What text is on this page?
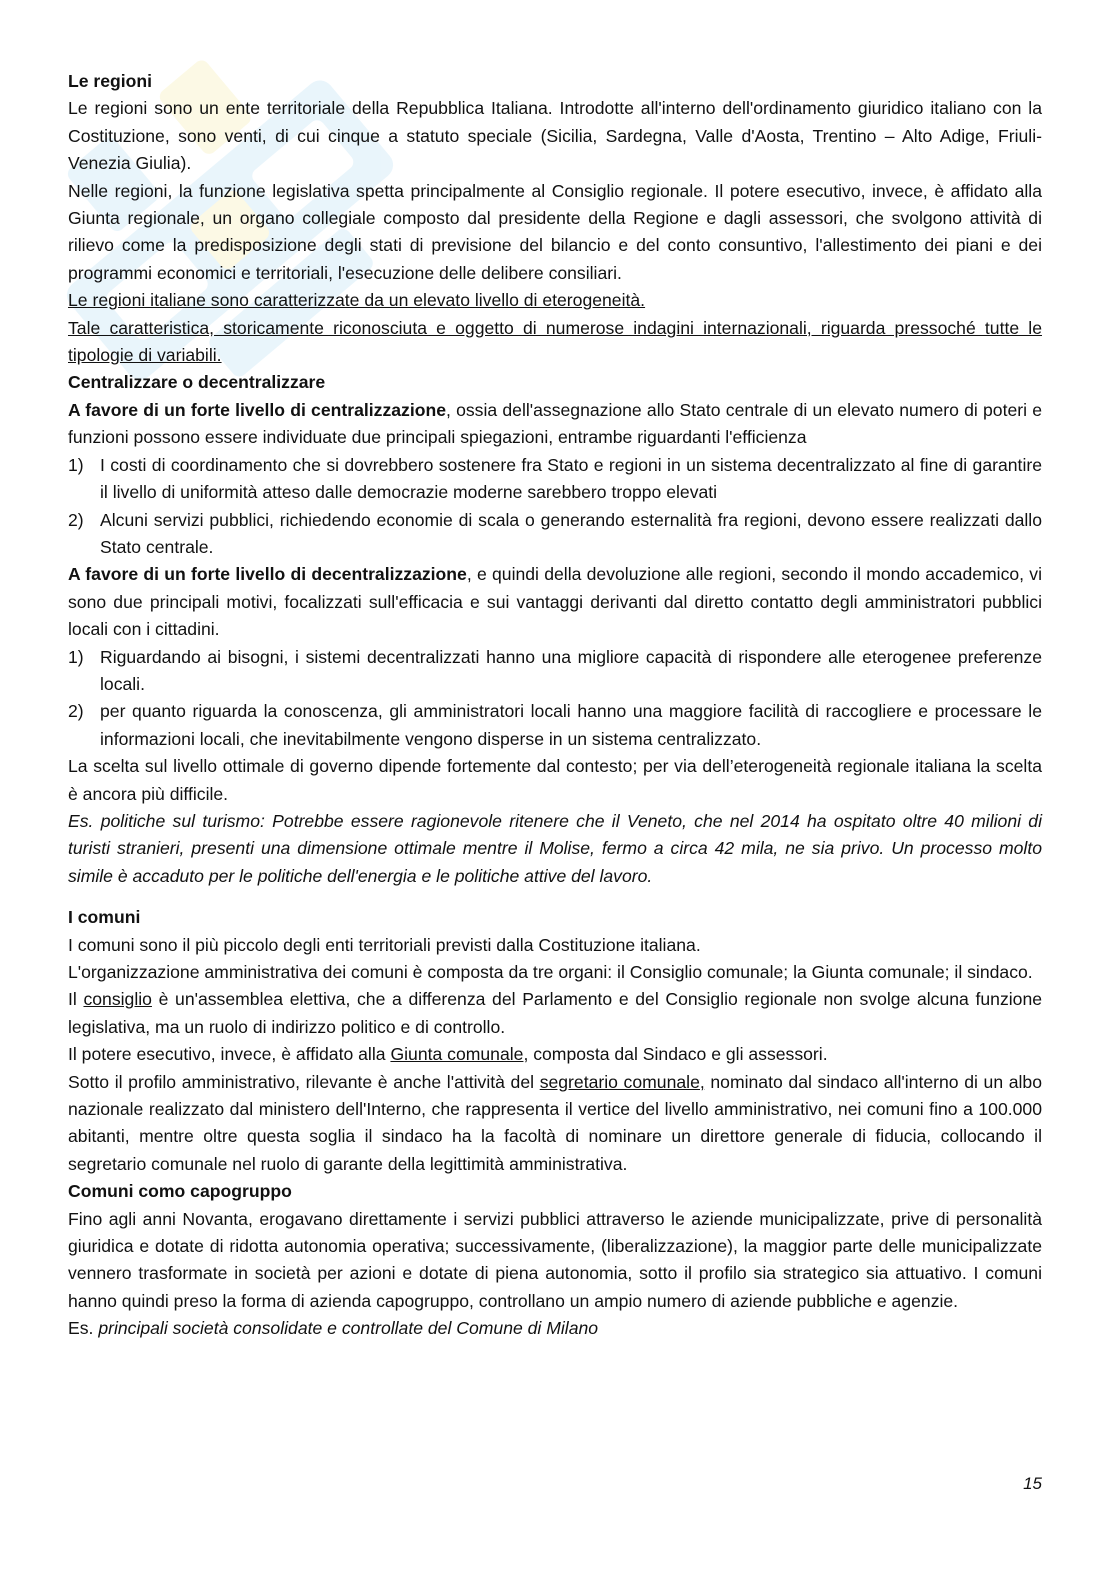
Le regioni

Le regioni sono un ente territoriale della Repubblica Italiana. Introdotte all'interno dell'ordinamento giuridico italiano con la Costituzione, sono venti, di cui cinque a statuto speciale (Sicilia, Sardegna, Valle d'Aosta, Trentino – Alto Adige, Friuli-Venezia Giulia).

Nelle regioni, la funzione legislativa spetta principalmente al Consiglio regionale. Il potere esecutivo, invece, è affidato alla Giunta regionale, un organo collegiale composto dal presidente della Regione e dagli assessori, che svolgono attività di rilievo come la predisposizione degli stati di previsione del bilancio e del conto consuntivo, l'allestimento dei piani e dei programmi economici e territoriali, l'esecuzione delle delibere consiliari.

Le regioni italiane sono caratterizzate da un elevato livello di eterogeneità.

Tale caratteristica, storicamente riconosciuta e oggetto di numerose indagini internazionali, riguarda pressoché tutte le tipologie di variabili.

Centralizzare o decentralizzare

A favore di un forte livello di centralizzazione, ossia dell'assegnazione allo Stato centrale di un elevato numero di poteri e funzioni possono essere individuate due principali spiegazioni, entrambe riguardanti l'efficienza

1) I costi di coordinamento che si dovrebbero sostenere fra Stato e regioni in un sistema decentralizzato al fine di garantire il livello di uniformità atteso dalle democrazie moderne sarebbero troppo elevati
2) Alcuni servizi pubblici, richiedendo economie di scala o generando esternalità fra regioni, devono essere realizzati dallo Stato centrale.

A favore di un forte livello di decentralizzazione, e quindi della devoluzione alle regioni, secondo il mondo accademico, vi sono due principali motivi, focalizzati sull'efficacia e sui vantaggi derivanti dal diretto contatto degli amministratori pubblici locali con i cittadini.

1) Riguardando ai bisogni, i sistemi decentralizzati hanno una migliore capacità di rispondere alle eterogenee preferenze locali.
2) per quanto riguarda la conoscenza, gli amministratori locali hanno una maggiore facilità di raccogliere e processare le informazioni locali, che inevitabilmente vengono disperse in un sistema centralizzato.

La scelta sul livello ottimale di governo dipende fortemente dal contesto; per via dell’eterogeneità regionale italiana la scelta è ancora più difficile.

Es. politiche sul turismo: Potrebbe essere ragionevole ritenere che il Veneto, che nel 2014 ha ospitato oltre 40 milioni di turisti stranieri, presenti una dimensione ottimale mentre il Molise, fermo a circa 42 mila, ne sia privo. Un processo molto simile è accaduto per le politiche dell'energia e le politiche attive del lavoro.

I comuni

I comuni sono il più piccolo degli enti territoriali previsti dalla Costituzione italiana.

L'organizzazione amministrativa dei comuni è composta da tre organi: il Consiglio comunale; la Giunta comunale; il sindaco.

Il consiglio è un'assemblea elettiva, che a differenza del Parlamento e del Consiglio regionale non svolge alcuna funzione legislativa, ma un ruolo di indirizzo politico e di controllo.

Il potere esecutivo, invece, è affidato alla Giunta comunale, composta dal Sindaco e gli assessori.

Sotto il profilo amministrativo, rilevante è anche l'attività del segretario comunale, nominato dal sindaco all'interno di un albo nazionale realizzato dal ministero dell'Interno, che rappresenta il vertice del livello amministrativo, nei comuni fino a 100.000 abitanti, mentre oltre questa soglia il sindaco ha la facoltà di nominare un direttore generale di fiducia, collocando il segretario comunale nel ruolo di garante della legittimità amministrativa.

Comuni como capogruppo

Fino agli anni Novanta, erogavano direttamente i servizi pubblici attraverso le aziende municipalizzate, prive di personalità giuridica e dotate di ridotta autonomia operativa; successivamente, (liberalizzazione), la maggior parte delle municipalizzate vennero trasformate in società per azioni e dotate di piena autonomia, sotto il profilo sia strategico sia attuativo. I comuni hanno quindi preso la forma di azienda capogruppo, controllano un ampio numero di aziende pubbliche e agenzie.

Es. principali società consolidate e controllate del Comune di Milano

15
